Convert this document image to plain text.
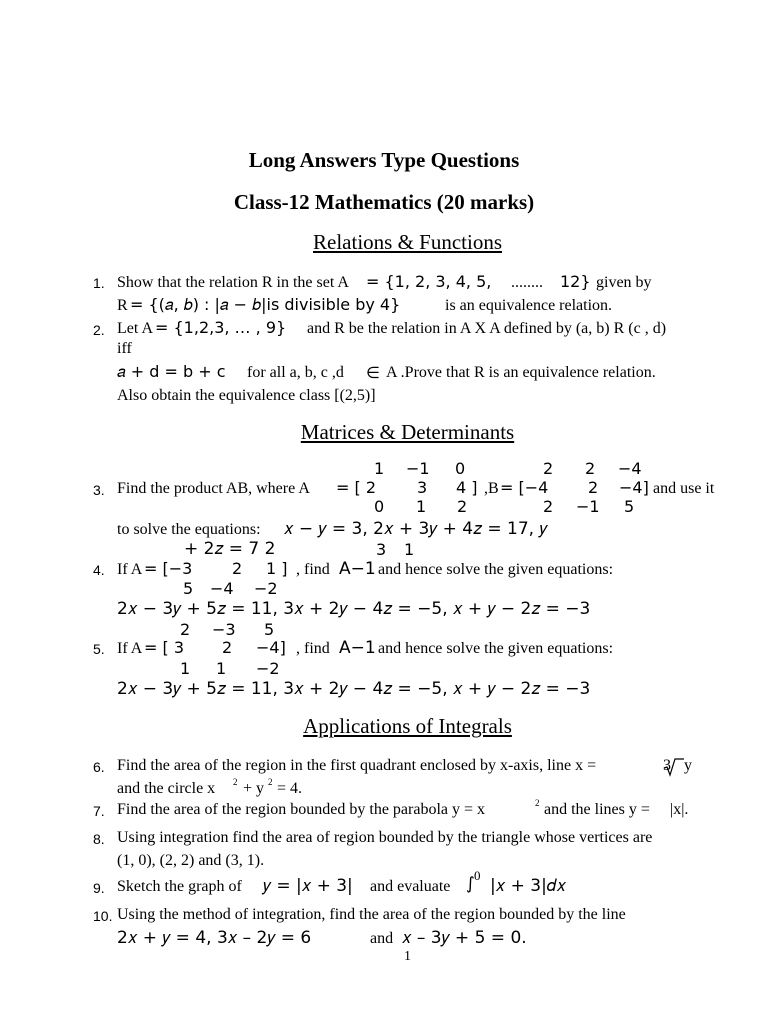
Long Answers Type Questions
Class-12 Mathematics (20 marks)
Relations & Functions
1. Show that the relation R in the set A = {1, 2, 3, 4, 5, ........ 12} given by
R = {(𝑎, 𝑏) : |𝑎 − 𝑏|is divisible by 4}	is an equivalence relation.
2. Let A = {1,2,3, … , 9} and R be the relation in A X A defined by (a, b) R (c , d)
iff
𝑎 + d = b + c for all a, b, c ,d ∈ A .Prove that R is an equivalence relation.
Also obtain the equivalence class [(2,5)]
Matrices & Determinants
1 −1 0	2 2 −4
3. Find the product AB, where A = [ 2	3 4 ] ,B = [−4 2 −4] and use it
0 1 2	2 −1 5
to solve the equations: 𝑥 − 𝑦 = 3, 2𝑥 + 3𝑦 + 4𝑧 = 17, 𝑦
+ 2𝑧 = 7 2	3 1
4. If A = [−3 2 1 ] , find A−1 and hence solve the given equations:
5 −4 −2
2𝑥 − 3𝑦 + 5𝑧 = 11, 3𝑥 + 2𝑦 − 4𝑧 = −5, 𝑥 + 𝑦 − 2𝑧 = −3
2 −3 5
5. If A = [ 3 2 −4] , find A−1 and hence solve the given equations:
1 1 −2
2𝑥 − 3𝑦 + 5𝑧 = 11, 3𝑥 + 2𝑦 − 4𝑧 = −5, 𝑥 + 𝑦 − 2𝑧 = −3
Applications of Integrals
6. Find the area of the region in the first quadrant enclosed by x-axis, line x =	3 y
and the circle x 2 + y 2 = 4.
7. Find the area of the region bounded by the parabola y = x	2 and the lines y = |x|.
8. Using integration find the area of region bounded by the triangle whose vertices are
(1, 0), (2, 2) and (3, 1).
9. Sketch the graph of 𝑦 = |𝑥 + 3| and evaluate ∫ 0
|𝑥 + 3|𝑑𝑥
10. Using the method of integration, find the area of the region bounded by the line
2𝑥 + 𝑦 = 4, 3𝑥 – 2𝑦 = 6	and 𝑥 – 3𝑦 + 5 = 0.
1
